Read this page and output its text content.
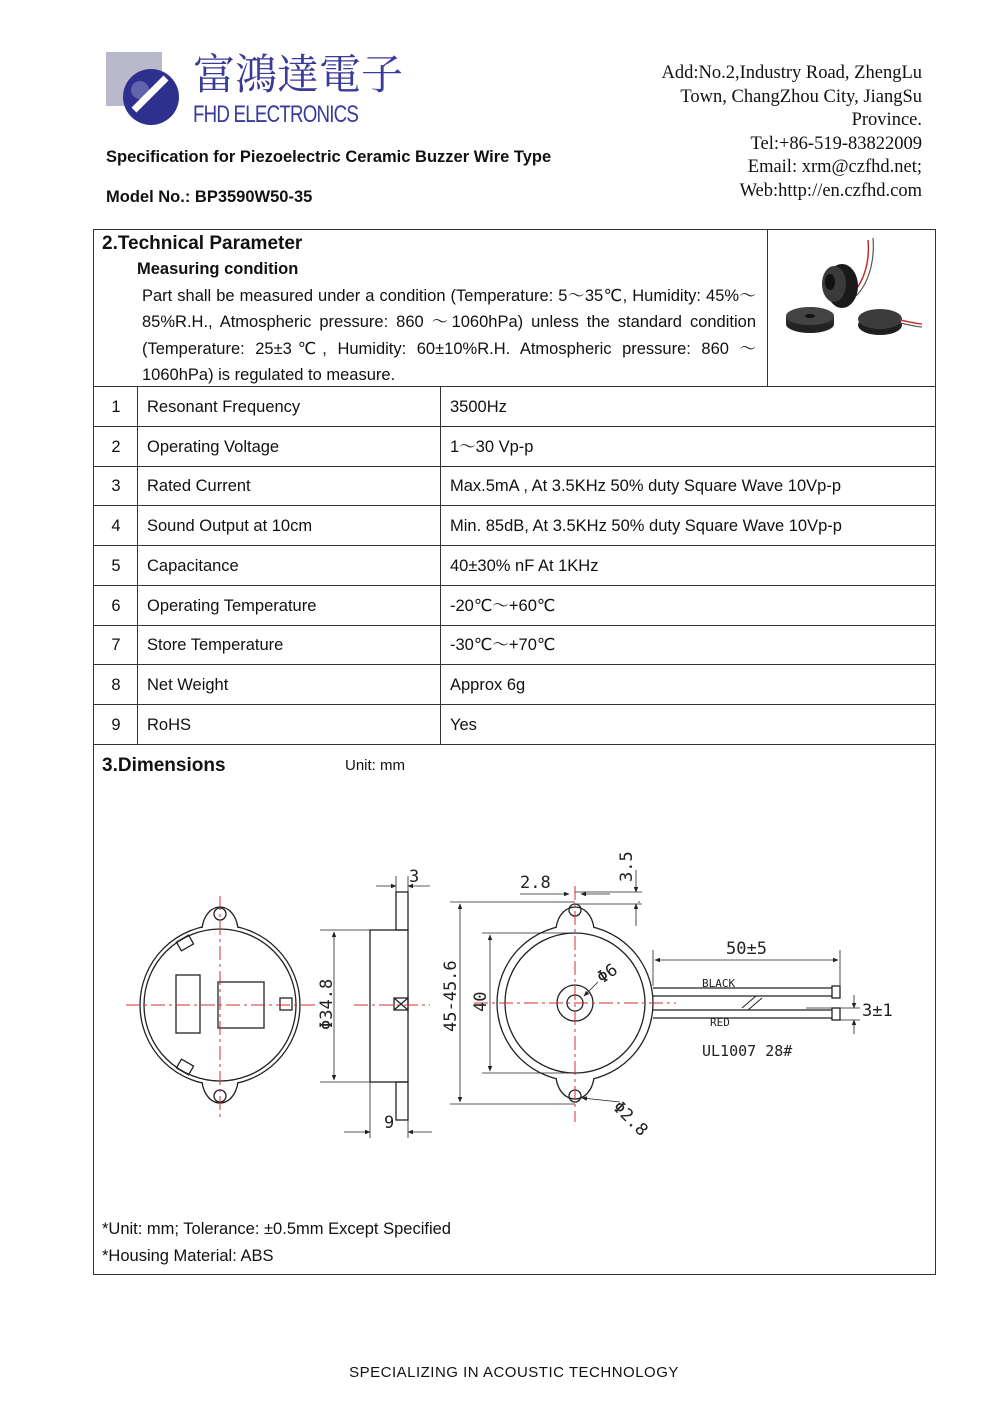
富鴻達電子
FHD ELECTRONICS
Specification for Piezoelectric Ceramic Buzzer Wire Type
Model No.: BP3590W50-35
Add:No.2,Industry Road, ZhengLu
Town, ChangZhou City, JiangSu
Province.
Tel:+86-519-83822009
Email: xrm@czfhd.net;
Web:http://en.czfhd.com
2.Technical Parameter
Measuring condition
Part shall be measured under a condition (Temperature: 5～35℃, Humidity: 45%～85%R.H., Atmospheric pressure: 860 ～1060hPa) unless the standard condition (Temperature: 25±3℃, Humidity: 60±10%R.H. Atmospheric pressure: 860 ～1060hPa) is regulated to measure.
1	Resonant Frequency	3500Hz
2	Operating Voltage	1～30 Vp-p
3	Rated Current	Max.5mA , At 3.5KHz 50% duty Square Wave 10Vp-p
4	Sound Output at 10cm	Min. 85dB, At 3.5KHz 50% duty Square Wave 10Vp-p
5	Capacitance	40±30% nF At 1KHz
6	Operating Temperature	-20℃～+60℃
7	Store Temperature	-30℃～+70℃
8	Net Weight	Approx 6g
9	RoHS	Yes
3.Dimensions	Unit: mm
3
Φ34.8
9
2.8
3.5
45-45.6 40
Φ6
Φ2.8
50±5
3±1
BLACK
RED
UL1007 28#
*Unit: mm; Tolerance: ±0.5mm Except Specified
*Housing Material: ABS
SPECIALIZING IN ACOUSTIC TECHNOLOGY
